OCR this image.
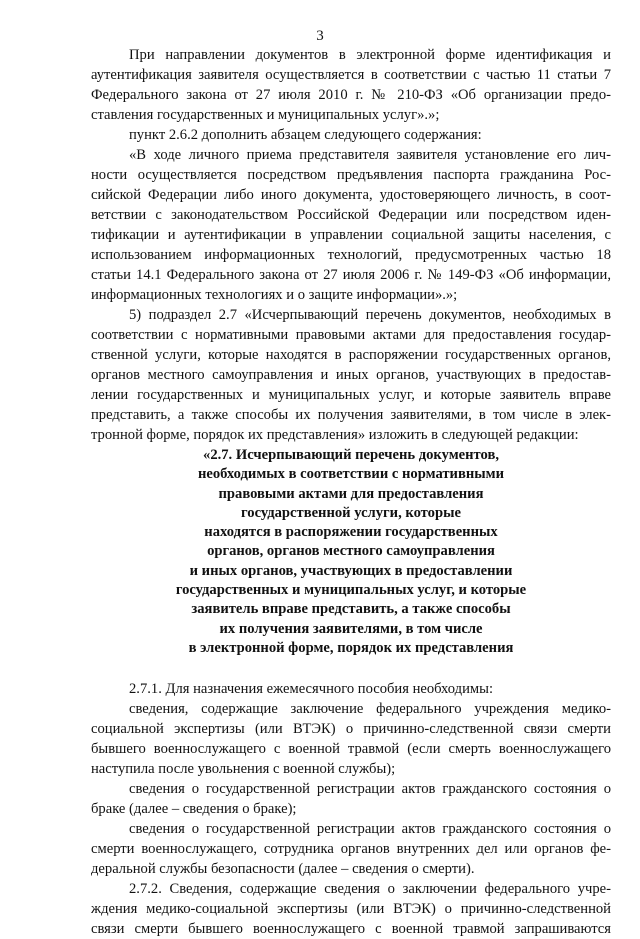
3

При направлении документов в электронной форме идентификация и
аутентификация заявителя осуществляется в соответствии с частью 11 статьи 7
Федерального закона от 27 июля 2010 г. № 210-ФЗ «Об организации предо-
ставления государственных и муниципальных услуг».»;

пункт 2.6.2 дополнить абзацем следующего содержания:

«В ходе личного приема представителя заявителя установление его лич-
ности осуществляется посредством предъявления паспорта гражданина Рос-
сийской Федерации либо иного документа, удостоверяющего личность, в соот-
ветствии с законодательством Российской Федерации или посредством иден-
тификации и аутентификации в управлении социальной защиты населения, с
использованием информационных технологий, предусмотренных частью 18
статьи 14.1 Федерального закона от 27 июля 2006 г. № 149-ФЗ «Об информации,
информационных технологиях и о защите информации».»;

5) подраздел 2.7 «Исчерпывающий перечень документов, необходимых в
соответствии с нормативными правовыми актами для предоставления государ-
ственной услуги, которые находятся в распоряжении государственных органов,
органов местного самоуправления и иных органов, участвующих в предостав-
лении государственных и муниципальных услуг, и которые заявитель вправе
представить, а также способы их получения заявителями, в том числе в элек-
тронной форме, порядок их представления» изложить в следующей редакции:

«2.7. Исчерпывающий перечень документов,
необходимых в соответствии с нормативными
правовыми актами для предоставления
государственной услуги, которые
находятся в распоряжении государственных
органов, органов местного самоуправления
и иных органов, участвующих в предоставлении
государственных и муниципальных услуг, и которые
заявитель вправе представить, а также способы
их получения заявителями, в том числе
в электронной форме, порядок их представления

2.7.1. Для назначения ежемесячного пособия необходимы:

сведения, содержащие заключение федерального учреждения медико-
социальной экспертизы (или ВТЭК) о причинно-следственной связи смерти
бывшего военнослужащего с военной травмой (если смерть военнослужащего
наступила после увольнения с военной службы);

сведения о государственной регистрации актов гражданского состояния о
браке (далее – сведения о браке);

сведения о государственной регистрации актов гражданского состояния о
смерти военнослужащего, сотрудника органов внутренних дел или органов фе-
деральной службы безопасности (далее – сведения о смерти).

2.7.2. Сведения, содержащие сведения о заключении федерального учре-
ждения медико-социальной экспертизы (или ВТЭК) о причинно-следственной
связи смерти бывшего военнослужащего с военной травмой запрашиваются
